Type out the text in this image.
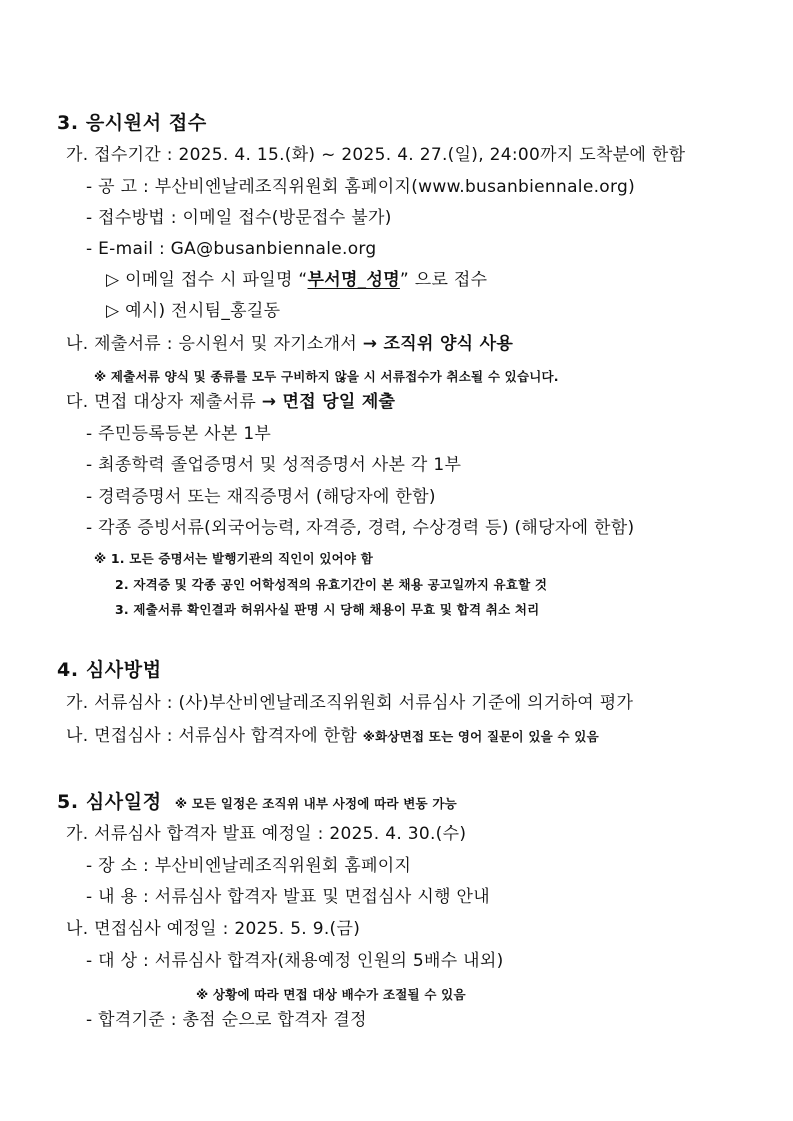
3. 응시원서 접수
가. 접수기간 : 2025. 4. 15.(화) ~ 2025. 4. 27.(일), 24:00까지 도착분에 한함
- 공 고 : 부산비엔날레조직위원회 홈페이지(www.busanbiennale.org)
- 접수방법 : 이메일 접수(방문접수 불가)
- E-mail : GA@busanbiennale.org
▷ 이메일 접수 시 파일명 “부서명_성명” 으로 접수
▷ 예시) 전시팀_홍길동
나. 제출서류 : 응시원서 및 자기소개서 → 조직위 양식 사용
※ 제출서류 양식 및 종류를 모두 구비하지 않을 시 서류접수가 취소될 수 있습니다.
다. 면접 대상자 제출서류 → 면접 당일 제출
- 주민등록등본 사본 1부
- 최종학력 졸업증명서 및 성적증명서 사본 각 1부
- 경력증명서 또는 재직증명서 (해당자에 한함)
- 각종 증빙서류(외국어능력, 자격증, 경력, 수상경력 등) (해당자에 한함)
※ 1. 모든 증명서는 발행기관의 직인이 있어야 함
2. 자격증 및 각종 공인 어학성적의 유효기간이 본 채용 공고일까지 유효할 것
3. 제출서류 확인결과 허위사실 판명 시 당해 채용이 무효 및 합격 취소 처리
4. 심사방법
가. 서류심사 : (사)부산비엔날레조직위원회 서류심사 기준에 의거하여 평가
나. 면접심사 : 서류심사 합격자에 한함 ※화상면접 또는 영어 질문이 있을 수 있음
5. 심사일정 ※ 모든 일정은 조직위 내부 사정에 따라 변동 가능
가. 서류심사 합격자 발표 예정일 : 2025. 4. 30.(수)
- 장 소 : 부산비엔날레조직위원회 홈페이지
- 내 용 : 서류심사 합격자 발표 및 면접심사 시행 안내
나. 면접심사 예정일 : 2025. 5. 9.(금)
- 대 상 : 서류심사 합격자(채용예정 인원의 5배수 내외)
※ 상황에 따라 면접 대상 배수가 조절될 수 있음
- 합격기준 : 총점 순으로 합격자 결정
